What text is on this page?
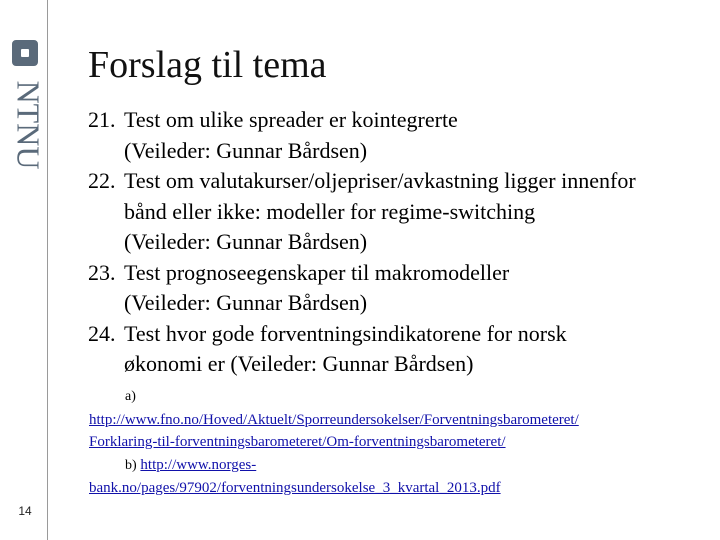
NTNU
14
Forslag til tema
21. Test om ulike spreader er kointegrerte
(Veileder: Gunnar Bårdsen)
22. Test om valutakurser/oljepriser/avkastning ligger innenfor
bånd eller ikke: modeller for regime-switching
(Veileder: Gunnar Bårdsen)
23. Test prognoseegenskaper til makromodeller
(Veileder: Gunnar Bårdsen)
24. Test hvor gode forventningsindikatorene for norsk
økonomi er (Veileder: Gunnar Bårdsen)

a)
http://www.fno.no/Hoved/Aktuelt/Sporreundersokelser/Forventningsbarometeret/
Forklaring-til-forventningsbarometeret/Om-forventningsbarometeret/

b) http://www.norges-
bank.no/pages/97902/forventningsundersokelse_3_kvartal_2013.pdf
